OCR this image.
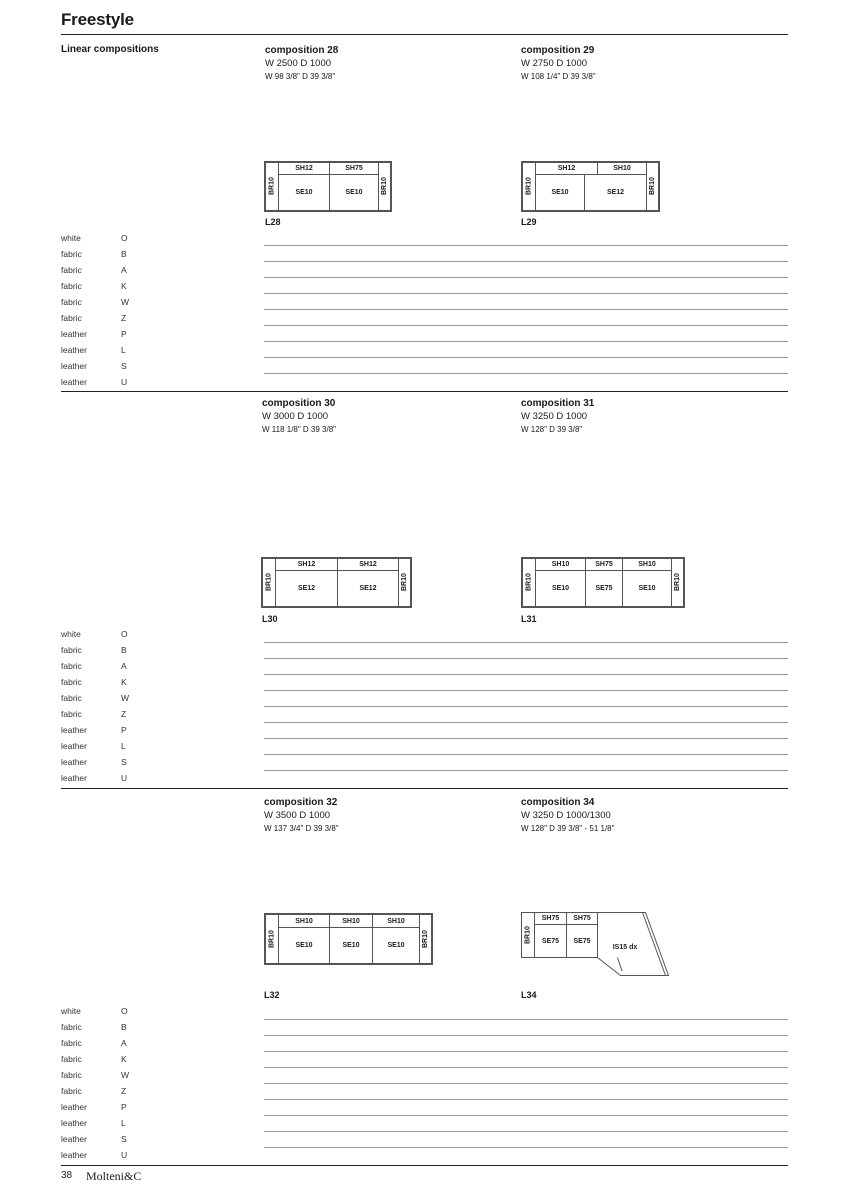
Freestyle
Linear compositions	composition 28
W 2500 D 1000
W 98 3/8" D 39 3/8"
composition 29
W 2750 D 1000
W 108 1/4" D 39 3/8"
BR10
SH12	SH75
SE10	SE10	BR10
L28
BR10
SH12	SH10
SE10	SE12	BR10
L29
white	O
fabric	B
fabric	A
fabric	K
fabric	W
fabric	Z
leather	P
leather	L
leather	S
leather	U
composition 30
W 3000 D 1000
W 118 1/8" D 39 3/8"
composition 31
W 3250 D 1000
W 128" D 39 3/8"
BR10
SH12	SH12
SE12	SE12	BR10
L30
BR10
SH10	SH75	SH10
SE10	SE75	SE10	BR10
L31
white	O
fabric	B
fabric	A
fabric	K
fabric	W
fabric	Z
leather	P
leather	L
leather	S
leather	U
composition 32
W 3500 D 1000
W 137 3/4" D 39 3/8"
composition 34
W 3250 D 1000/1300
W 128" D 39 3/8" - 51 1/8"
BR10
SH10	SH10	SH10
SE10	SE10	SE10	BR10
L32
BR10
SH75	SH75
SE75	SE75
IS15 dx
L34
white	O
fabric	B
fabric	A
fabric	K
fabric	W
fabric	Z
leather	P
leather	L
leather	S
leather	U
38 Molteni&C
